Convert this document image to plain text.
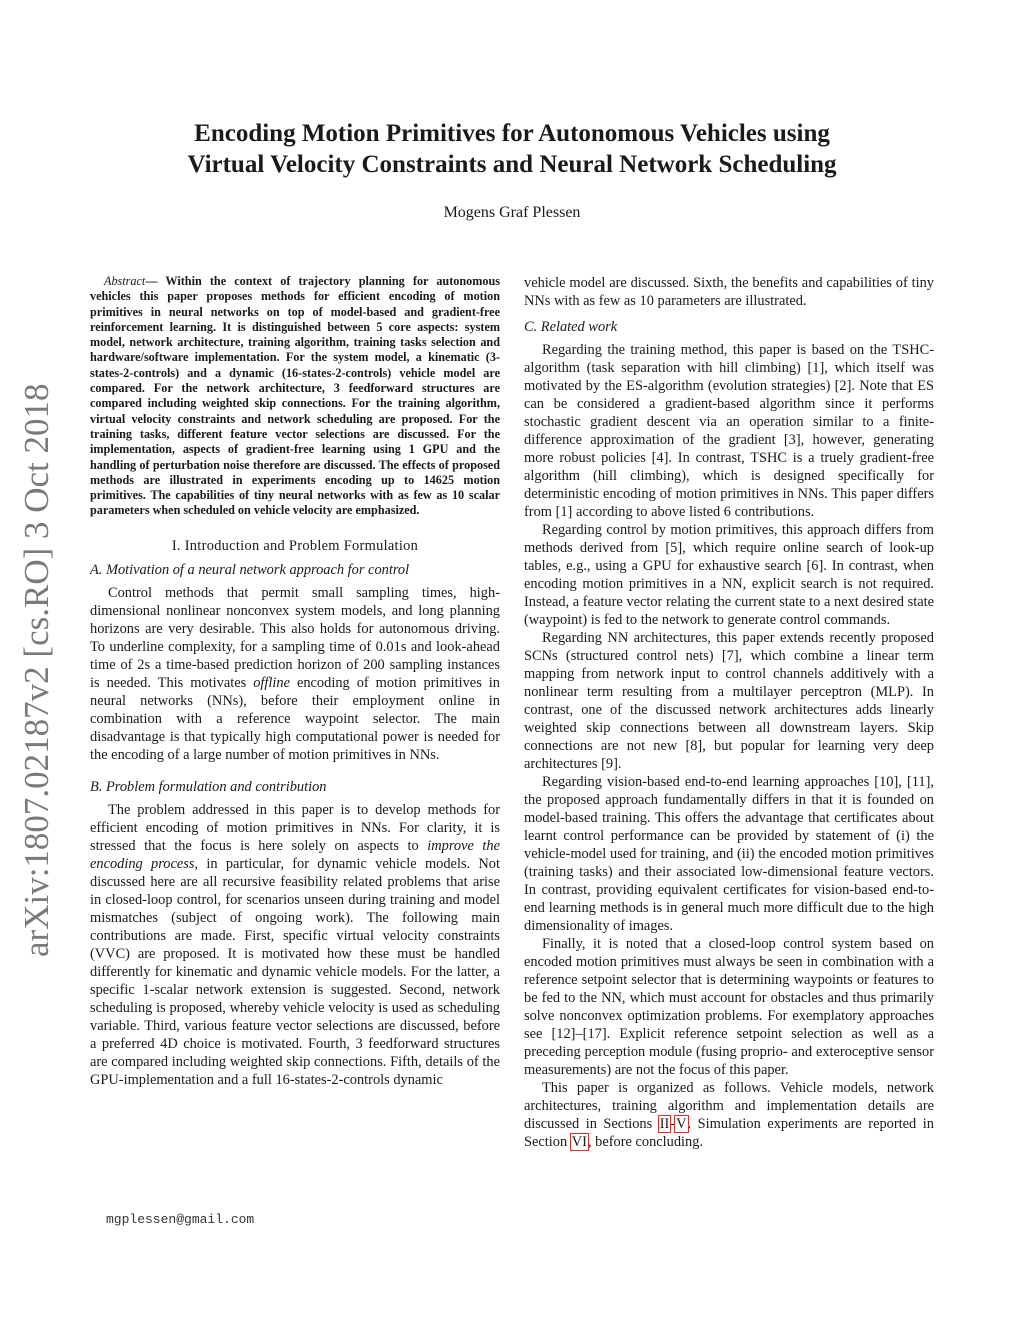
arXiv:1807.02187v2 [cs.RO] 3 Oct 2018
Encoding Motion Primitives for Autonomous Vehicles using
Virtual Velocity Constraints and Neural Network Scheduling
Mogens Graf Plessen

Abstract— Within the context of trajectory planning for autonomous vehicles this paper proposes methods for efficient encoding of motion primitives in neural networks on top of model-based and gradient-free reinforcement learning. It is distinguished between 5 core aspects: system model, network architecture, training algorithm, training tasks selection and hardware/software implementation. For the system model, a kinematic (3-states-2-controls) and a dynamic (16-states-2-controls) vehicle model are compared. For the network architecture, 3 feedforward structures are compared including weighted skip connections. For the training algorithm, virtual velocity constraints and network scheduling are proposed. For the training tasks, different feature vector selections are discussed. For the implementation, aspects of gradient-free learning using 1 GPU and the handling of perturbation noise therefore are discussed. The effects of proposed methods are illustrated in experiments encoding up to 14625 motion primitives. The capabilities of tiny neural networks with as few as 10 scalar parameters when scheduled on vehicle velocity are emphasized.

I. Introduction and Problem Formulation
A. Motivation of a neural network approach for control

Control methods that permit small sampling times, high-dimensional nonlinear nonconvex system models, and long planning horizons are very desirable. This also holds for autonomous driving. To underline complexity, for a sampling time of 0.01s and look-ahead time of 2s a time-based prediction horizon of 200 sampling instances is needed. This motivates offline encoding of motion primitives in neural networks (NNs), before their employment online in combination with a reference waypoint selector. The main disadvantage is that typically high computational power is needed for the encoding of a large number of motion primitives in NNs.

B. Problem formulation and contribution

The problem addressed in this paper is to develop methods for efficient encoding of motion primitives in NNs. For clarity, it is stressed that the focus is here solely on aspects to improve the encoding process, in particular, for dynamic vehicle models. Not discussed here are all recursive feasibility related problems that arise in closed-loop control, for scenarios unseen during training and model mismatches (subject of ongoing work). The following main contributions are made. First, specific virtual velocity constraints (VVC) are proposed. It is motivated how these must be handled differently for kinematic and dynamic vehicle models. For the latter, a specific 1-scalar network extension is suggested. Second, network scheduling is proposed, whereby vehicle velocity is used as scheduling variable. Third, various feature vector selections are discussed, before a preferred 4D choice is motivated. Fourth, 3 feedforward structures are compared including weighted skip connections. Fifth, details of the GPU-implementation and a full 16-states-2-controls dynamic

mgplessen@gmail.com

vehicle model are discussed. Sixth, the benefits and capabilities of tiny NNs with as few as 10 parameters are illustrated.

C. Related work

Regarding the training method, this paper is based on the TSHC-algorithm (task separation with hill climbing) [1], which itself was motivated by the ES-algorithm (evolution strategies) [2]. Note that ES can be considered a gradient-based algorithm since it performs stochastic gradient descent via an operation similar to a finite-difference approximation of the gradient [3], however, generating more robust policies [4]. In contrast, TSHC is a truely gradient-free algorithm (hill climbing), which is designed specifically for deterministic encoding of motion primitives in NNs. This paper differs from [1] according to above listed 6 contributions.

Regarding control by motion primitives, this approach differs from methods derived from [5], which require online search of look-up tables, e.g., using a GPU for exhaustive search [6]. In contrast, when encoding motion primitives in a NN, explicit search is not required. Instead, a feature vector relating the current state to a next desired state (waypoint) is fed to the network to generate control commands.

Regarding NN architectures, this paper extends recently proposed SCNs (structured control nets) [7], which combine a linear term mapping from network input to control channels additively with a nonlinear term resulting from a multilayer perceptron (MLP). In contrast, one of the discussed network architectures adds linearly weighted skip connections between all downstream layers. Skip connections are not new [8], but popular for learning very deep architectures [9].

Regarding vision-based end-to-end learning approaches [10], [11], the proposed approach fundamentally differs in that it is founded on model-based training. This offers the advantage that certificates about learnt control performance can be provided by statement of (i) the vehicle-model used for training, and (ii) the encoded motion primitives (training tasks) and their associated low-dimensional feature vectors. In contrast, providing equivalent certificates for vision-based end-to-end learning methods is in general much more difficult due to the high dimensionality of images.

Finally, it is noted that a closed-loop control system based on encoded motion primitives must always be seen in combination with a reference setpoint selector that is determining waypoints or features to be fed to the NN, which must account for obstacles and thus primarily solve nonconvex optimization problems. For exemplatory approaches see [12]–[17]. Explicit reference setpoint selection as well as a preceding perception module (fusing proprio- and exteroceptive sensor measurements) are not the focus of this paper.

This paper is organized as follows. Vehicle models, network architectures, training algorithm and implementation details are discussed in Sections II-V. Simulation experiments are reported in Section VI, before concluding.
